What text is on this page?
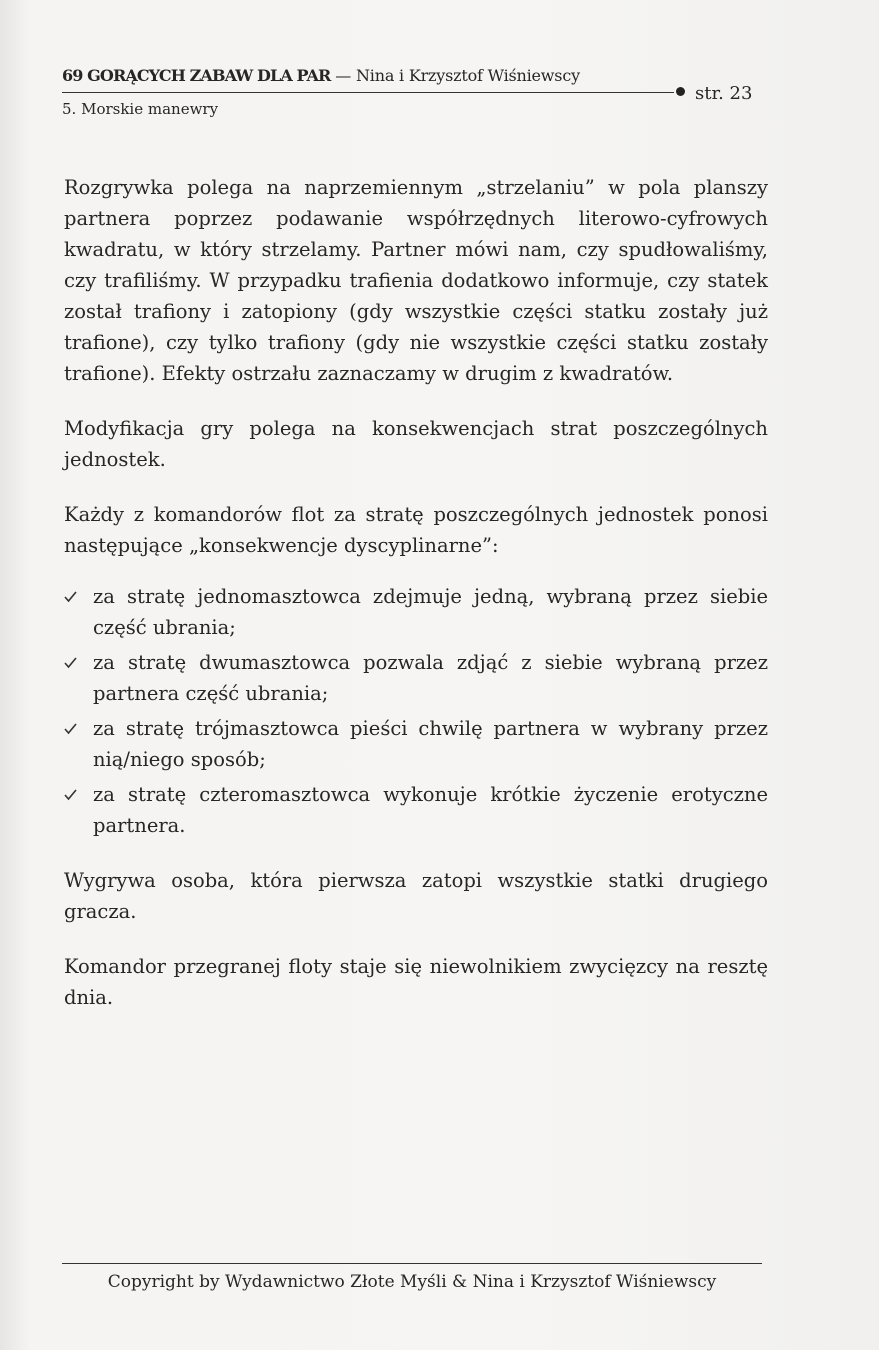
69 GORĄCYCH ZABAW DLA PAR — Nina i Krzysztof Wiśniewscy
str. 23
5. Morskie manewry

Rozgrywka polega na naprzemiennym „strzelaniu” w pola planszy partnera poprzez podawanie współrzędnych literowo-cyfrowych kwadratu, w który strzelamy. Partner mówi nam, czy spudłowaliśmy, czy trafiliśmy. W przypadku trafienia dodatkowo informuje, czy statek został trafiony i zatopiony (gdy wszystkie części statku zostały już trafione), czy tylko trafiony (gdy nie wszystkie części statku zostały trafione). Efekty ostrzału zaznaczamy w drugim z kwadratów.

Modyfikacja gry polega na konsekwencjach strat poszczególnych jednostek.

Każdy z komandorów flot za stratę poszczególnych jednostek ponosi następujące „konsekwencje dyscyplinarne”:

za stratę jednomasztowca zdejmuje jedną, wybraną przez siebie część ubrania;
za stratę dwumasztowca pozwala zdjąć z siebie wybraną przez partnera część ubrania;
za stratę trójmasztowca pieści chwilę partnera w wybrany przez nią/niego sposób;
za stratę czteromasztowca wykonuje krótkie życzenie erotyczne partnera.

Wygrywa osoba, która pierwsza zatopi wszystkie statki drugiego gracza.

Komandor przegranej floty staje się niewolnikiem zwycięzcy na resztę dnia.

Copyright by Wydawnictwo Złote Myśli & Nina i Krzysztof Wiśniewscy
